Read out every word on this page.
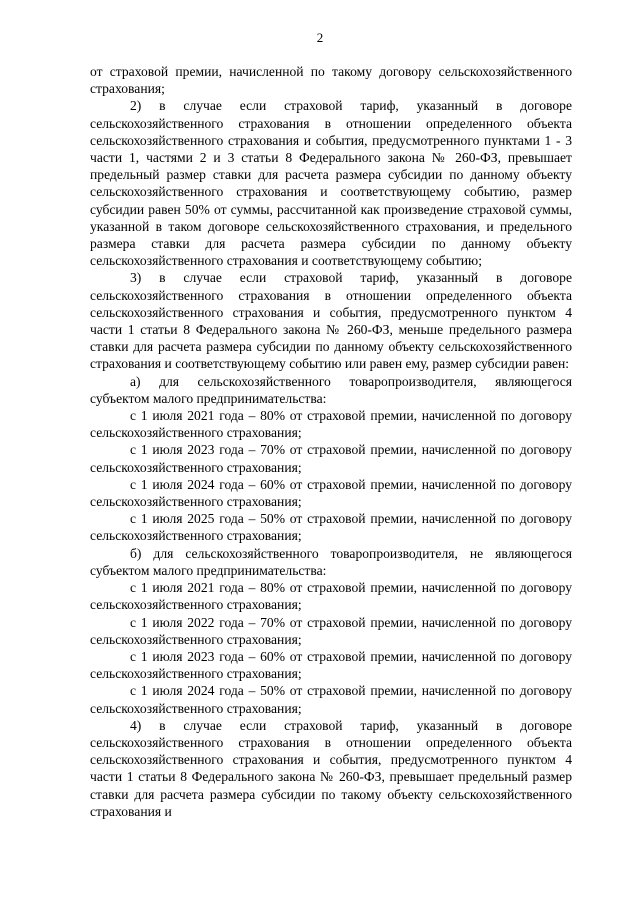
2

от страховой премии, начисленной по такому договору сельскохозяйственного страхования;

2) в случае если страховой тариф, указанный в договоре сельскохозяйственного страхования в отношении определенного объекта сельскохозяйственного страхования и события, предусмотренного пунктами 1 - 3 части 1, частями 2 и 3 статьи 8 Федерального закона № 260-ФЗ, превышает предельный размер ставки для расчета размера субсидии по данному объекту сельскохозяйственного страхования и соответствующему событию, размер субсидии равен 50% от суммы, рассчитанной как произведение страховой суммы, указанной в таком договоре сельскохозяйственного страхования, и предельного размера ставки для расчета размера субсидии по данному объекту сельскохозяйственного страхования и соответствующему событию;

3) в случае если страховой тариф, указанный в договоре сельскохозяйственного страхования в отношении определенного объекта сельскохозяйственного страхования и события, предусмотренного пунктом 4 части 1 статьи 8 Федерального закона № 260-ФЗ, меньше предельного размера ставки для расчета размера субсидии по данному объекту сельскохозяйственного страхования и соответствующему событию или равен ему, размер субсидии равен:

а) для сельскохозяйственного товаропроизводителя, являющегося субъектом малого предпринимательства:

с 1 июля 2021 года – 80% от страховой премии, начисленной по договору сельскохозяйственного страхования;

с 1 июля 2023 года – 70% от страховой премии, начисленной по договору сельскохозяйственного страхования;

с 1 июля 2024 года – 60% от страховой премии, начисленной по договору сельскохозяйственного страхования;

с 1 июля 2025 года – 50% от страховой премии, начисленной по договору сельскохозяйственного страхования;

б) для сельскохозяйственного товаропроизводителя, не являющегося субъектом малого предпринимательства:

с 1 июля 2021 года – 80% от страховой премии, начисленной по договору сельскохозяйственного страхования;

с 1 июля 2022 года – 70% от страховой премии, начисленной по договору сельскохозяйственного страхования;

с 1 июля 2023 года – 60% от страховой премии, начисленной по договору сельскохозяйственного страхования;

с 1 июля 2024 года – 50% от страховой премии, начисленной по договору сельскохозяйственного страхования;

4) в случае если страховой тариф, указанный в договоре сельскохозяйственного страхования в отношении определенного объекта сельскохозяйственного страхования и события, предусмотренного пунктом 4 части 1 статьи 8 Федерального закона № 260-ФЗ, превышает предельный размер ставки для расчета размера субсидии по такому объекту сельскохозяйственного страхования и
